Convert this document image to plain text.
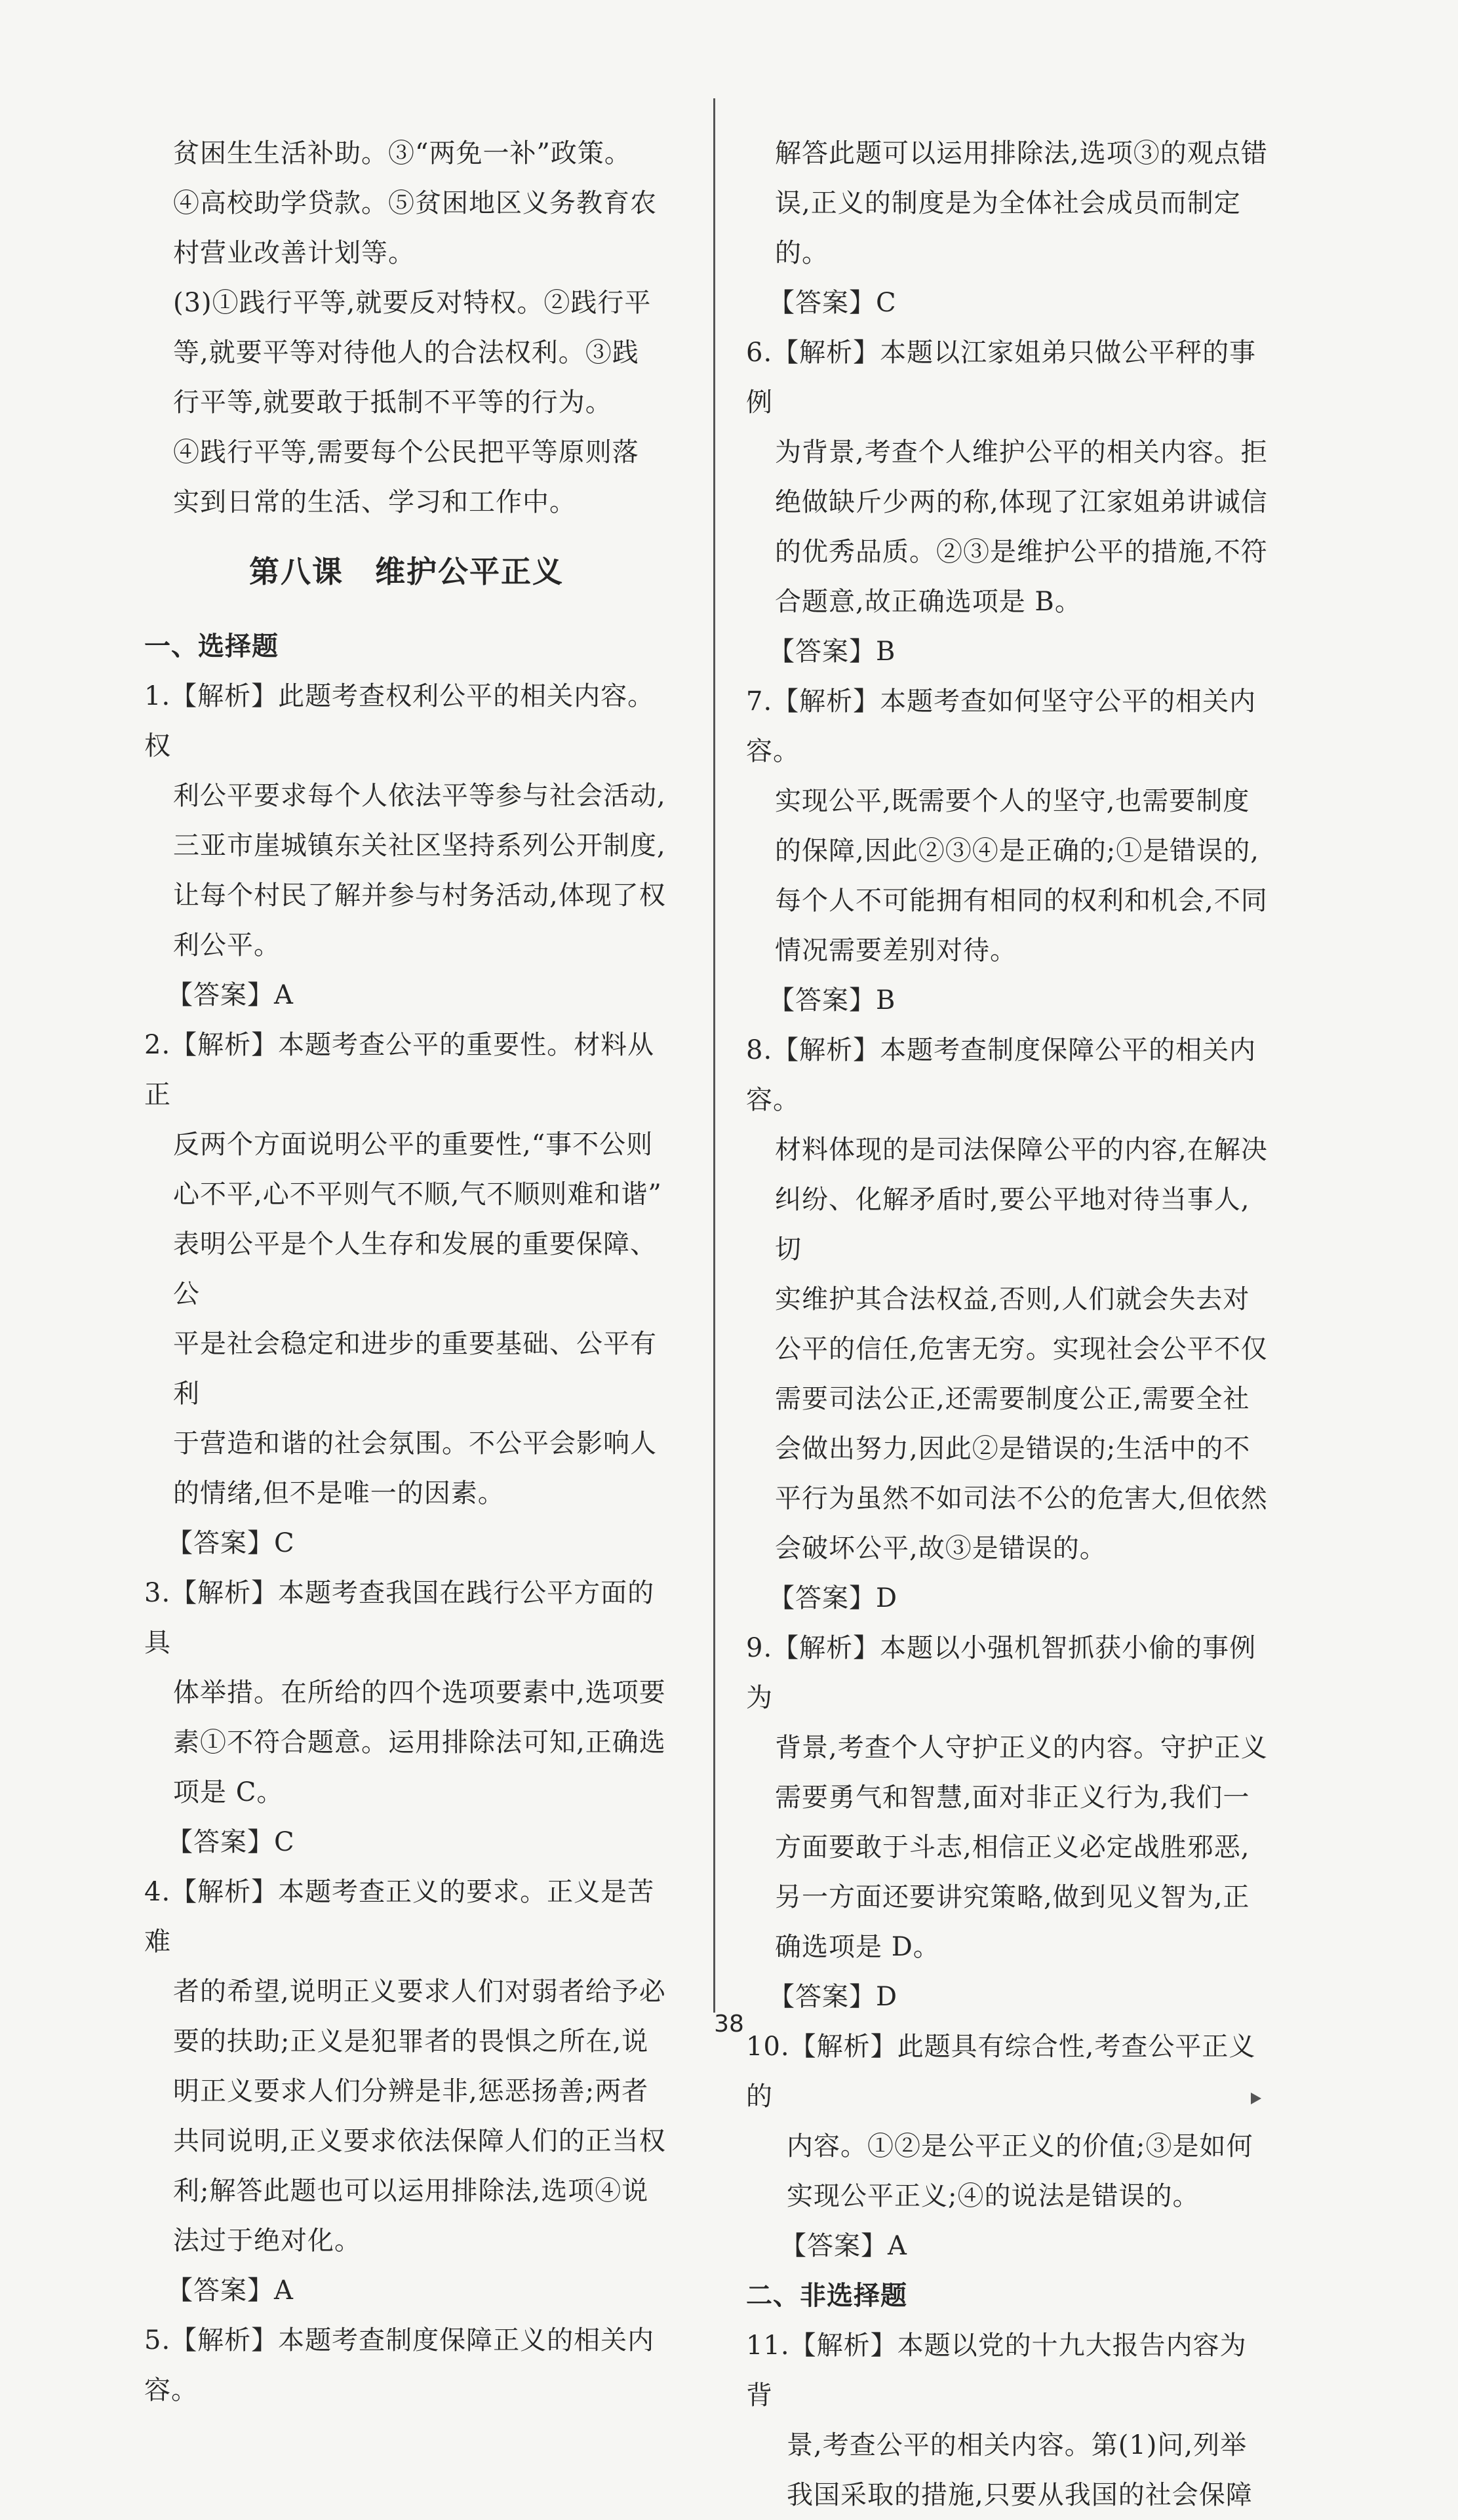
贫困生生活补助。③“两免一补”政策。

④高校助学贷款。⑤贫困地区义务教育农

村营业改善计划等。

(3)①践行平等,就要反对特权。②践行平

等,就要平等对待他人的合法权利。③践

行平等,就要敢于抵制不平等的行为。

④践行平等,需要每个公民把平等原则落

实到日常的生活、学习和工作中。

第八课　维护公平正义

一、选择题

1.【解析】此题考查权利公平的相关内容。权

利公平要求每个人依法平等参与社会活动,

三亚市崖城镇东关社区坚持系列公开制度,

让每个村民了解并参与村务活动,体现了权

利公平。

【答案】A

2.【解析】本题考查公平的重要性。材料从正

反两个方面说明公平的重要性,“事不公则

心不平,心不平则气不顺,气不顺则难和谐”

表明公平是个人生存和发展的重要保障、公

平是社会稳定和进步的重要基础、公平有利

于营造和谐的社会氛围。不公平会影响人

的情绪,但不是唯一的因素。

【答案】C

3.【解析】本题考查我国在践行公平方面的具

体举措。在所给的四个选项要素中,选项要

素①不符合题意。运用排除法可知,正确选

项是 C。

【答案】C

4.【解析】本题考查正义的要求。正义是苦难

者的希望,说明正义要求人们对弱者给予必

要的扶助;正义是犯罪者的畏惧之所在,说

明正义要求人们分辨是非,惩恶扬善;两者

共同说明,正义要求依法保障人们的正当权

利;解答此题也可以运用排除法,选项④说

法过于绝对化。

【答案】A

5.【解析】本题考查制度保障正义的相关内容。

解答此题可以运用排除法,选项③的观点错

误,正义的制度是为全体社会成员而制定的。

【答案】C

6.【解析】本题以江家姐弟只做公平秤的事例

为背景,考查个人维护公平的相关内容。拒

绝做缺斤少两的称,体现了江家姐弟讲诚信

的优秀品质。②③是维护公平的措施,不符

合题意,故正确选项是 B。

【答案】B

7.【解析】本题考查如何坚守公平的相关内容。

实现公平,既需要个人的坚守,也需要制度

的保障,因此②③④是正确的;①是错误的,

每个人不可能拥有相同的权利和机会,不同

情况需要差别对待。

【答案】B

8.【解析】本题考查制度保障公平的相关内容。

材料体现的是司法保障公平的内容,在解决

纠纷、化解矛盾时,要公平地对待当事人,切

实维护其合法权益,否则,人们就会失去对

公平的信任,危害无穷。实现社会公平不仅

需要司法公正,还需要制度公正,需要全社

会做出努力,因此②是错误的;生活中的不

平行为虽然不如司法不公的危害大,但依然

会破坏公平,故③是错误的。

【答案】D

9.【解析】本题以小强机智抓获小偷的事例为

背景,考查个人守护正义的内容。守护正义

需要勇气和智慧,面对非正义行为,我们一

方面要敢于斗志,相信正义必定战胜邪恶,

另一方面还要讲究策略,做到见义智为,正

确选项是 D。

【答案】D

10.【解析】此题具有综合性,考查公平正义的

内容。①②是公平正义的价值;③是如何

实现公平正义;④的说法是错误的。

【答案】A

二、非选择题

11.【解析】本题以党的十九大报告内容为背

景,考查公平的相关内容。第(1)问,列举

我国采取的措施,只要从我国的社会保障

38
